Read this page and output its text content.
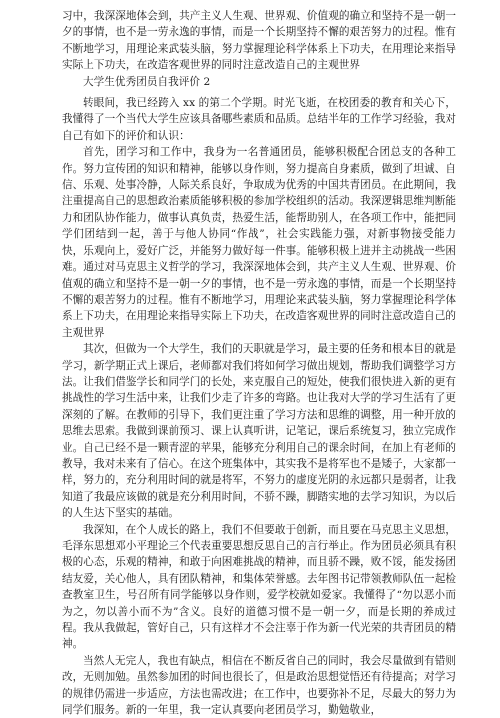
习中，我深深地体会到，共产主义人生观、世界观、价值观的确立和坚持不是一朝一夕的事情，也不是一劳永逸的事情，而是一个长期坚持不懈的艰苦努力的过程。惟有不断地学习，用理论来武装头脑，努力掌握理论科学体系上下功夫，在用理论来指导实际上下功夫，在改造客观世界的同时注意改造自己的主观世界

大学生优秀团员自我评价 2

转眼间，我已经跨入 xx 的第二个学期。时光飞逝，在校团委的教育和关心下，我懂得了一个当代大学生应该具备哪些素质和品质。总结半年的工作学习经验，我对自己有如下的评价和认识：

首先，团学习和工作中，我身为一名普通团员，能够积极配合团总支的各种工作。努力宣传团的知识和精神，能够以身作则，努力提高自身素质，做到了坦诚、自信、乐观、处事冷静，人际关系良好，争取成为优秀的中国共青团员。在此期间，我注重提高自己的思想政治素质能够积极的参加学校组织的活动。我深逻辑思维判断能力和团队协作能力，做事认真负责，热爱生活，能帮助别人，在各项工作中，能把同学们团结到一起，善于与他人协同“作战”，社会实践能力强，对新事物接受能力快，乐观向上，爱好广泛，并能努力做好每一件事。能够积极上进并主动挑战一些困难。通过对马克思主义哲学的学习，我深深地体会到，共产主义人生观、世界观、价值观的确立和坚持不是一朝一夕的事情，也不是一劳永逸的事情，而是一个长期坚持不懈的艰苦努力的过程。惟有不断地学习，用理论来武装头脑，努力掌握理论科学体系上下功夫，在用理论来指导实际上下功夫，在改造客观世界的同时注意改造自己的主观世界

其次，但做为一个大学生，我们的天职就是学习，最主要的任务和根本目的就是学习，新学期正式上课后，老师都对我们将如何学习做出规划，帮助我们调整学习方法。让我们借鉴学长和同学门的长处，来克服自己的短处，使我们很快进入新的更有挑战性的学习生活中来，让我们少走了许多的弯路。也让我对大学的学习生活有了更深刻的了解。在教师的引导下，我们更注重了学习方法和思维的调整，用一种开放的思维去思索。我做到课前预习、课上认真听讲，记笔记，课后系统复习，独立完成作业。自己已经不是一颗青涩的苹果，能够充分利用自己的课余时间，在加上有老师的教导，我对未来有了信心。在这个班集体中，其实我不是将军也不是矮子，大家都一样，努力的，充分利用时间的就是将军，不努力的虚度光阴的永远都只是弱者，让我知道了我最应该做的就是充分利用时间，不骄不躁，脚踏实地的去学习知识，为以后的人生达下坚实的基础。

我深知，在个人成长的路上，我们不但要敢于创新，而且要在马克思主义思想，毛泽东思想邓小平理论三个代表重要思想反思自己的言行举止。作为团员必须具有积极的心态，乐观的精神，和敢于向困难挑战的精神，而且骄不躁，败不馁，能发扬团结友爱，关心他人，具有团队精神，和集体荣誉感。去年图书记带领教师队伍一起检查教室卫生，号召所有同学能够以身作则，爱学校就如爱家。我懂得了“勿以恶小而为之，勿以善小而不为”含义。良好的道德习惯不是一朝一夕，而是长期的养成过程。我从我做起，管好自己，只有这样才不会注辜于作为新一代光荣的共青团员的精神。

当然人无完人，我也有缺点，相信在不断反省自己的同时，我会尽量做到有错则改，无则加勉。虽然参加团的时间也很长了，但是政治思想觉悟还有待提高；对学习的规律仍需进一步适应，方法也需改进；在工作中，也要弥补不足，尽最大的努力为同学们服务。新的一年里，我一定认真要向老团员学习，勤勉敬业，
